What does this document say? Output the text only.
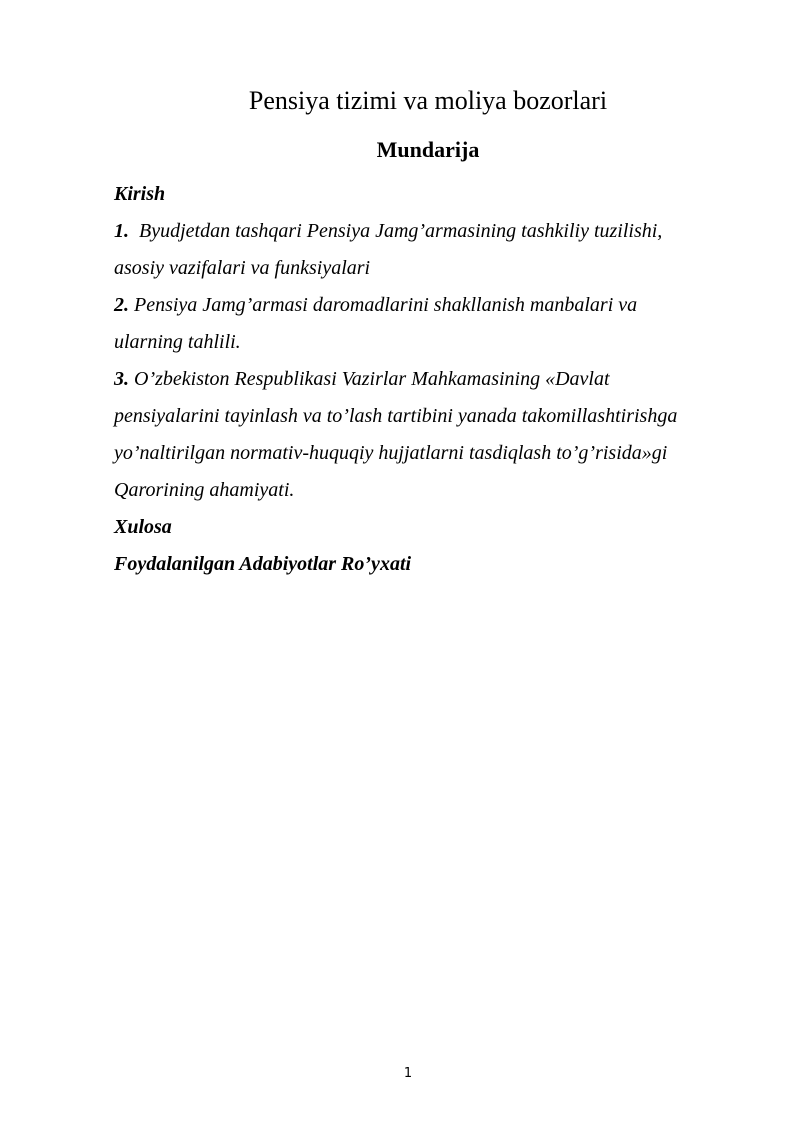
Pensiya tizimi va moliya bozorlari
Mundarija
Kirish
1. Byudjetdan tashqari Pensiya Jamg’armasining tashkiliy tuzilishi,
asosiy vazifalari va funksiyalari
2. Pensiya Jamg’armasi daromadlarini shakllanish manbalari va
ularning tahlili.
3. O’zbekiston Respublikasi Vazirlar Mahkamasining «Davlat
pensiyalarini tayinlash va to’lash tartibini yanada takomillashtirishga
yo’naltirilgan normativ-huquqiy hujjatlarni tasdiqlash to’g’risida»gi
Qarorining ahamiyati.
Xulosa
Foydalanilgan Adabiyotlar Ro’yxati
1
